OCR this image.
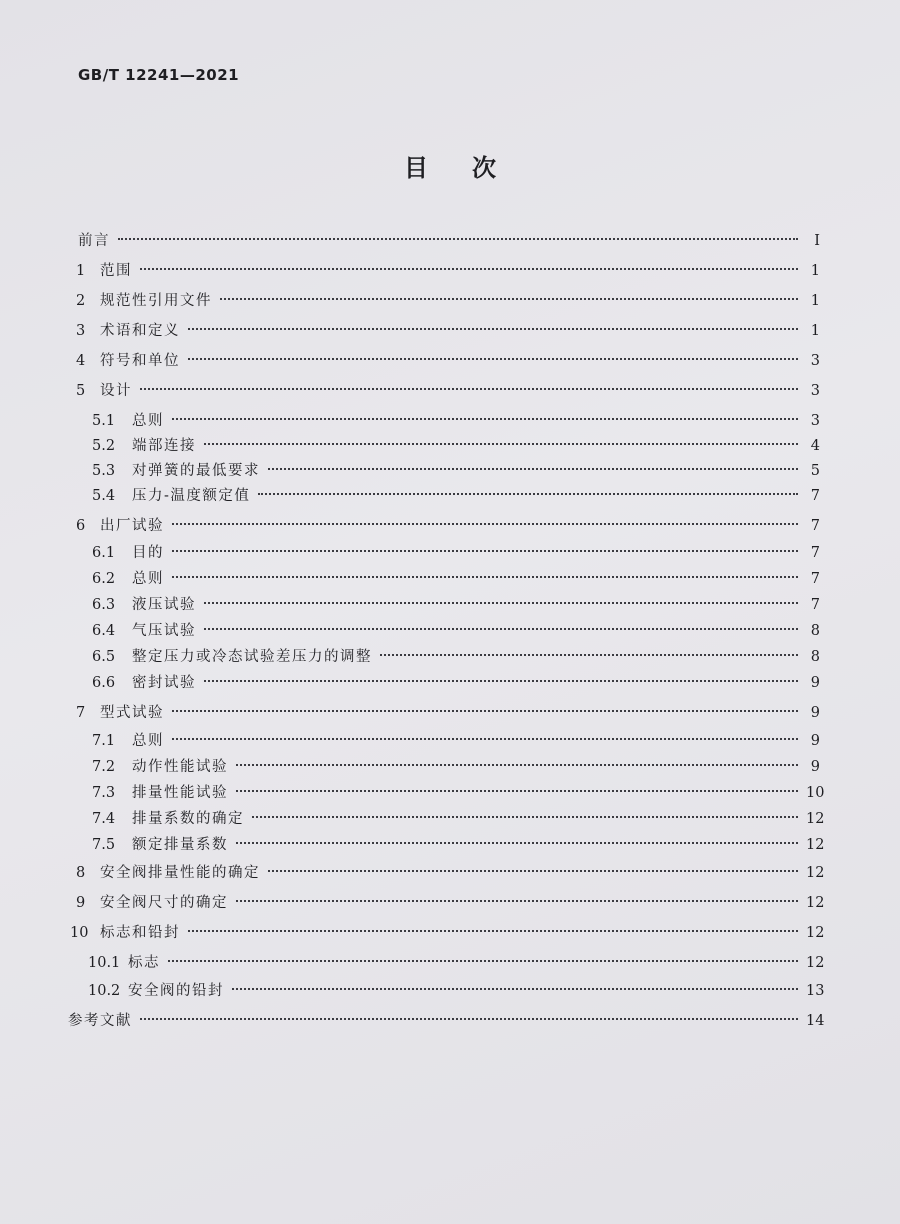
GB/T 12241—2021
目次
前言	I
1	范围	1
2	规范性引用文件	1
3	术语和定义	1
4	符号和单位	3
5	设计	3
5.1	总则	3
5.2	端部连接	4
5.3	对弹簧的最低要求	5
5.4	压力-温度额定值	7
6	出厂试验	7
6.1	目的	7
6.2	总则	7
6.3	液压试验	7
6.4	气压试验	8
6.5	整定压力或冷态试验差压力的调整	8
6.6	密封试验	9
7	型式试验	9
7.1	总则	9
7.2	动作性能试验	9
7.3	排量性能试验	10
7.4	排量系数的确定	12
7.5	额定排量系数	12
8	安全阀排量性能的确定	12
9	安全阀尺寸的确定	12
10 标志和铅封	12
10.1 标志	12
10.2 安全阀的铅封	13
参考文献	14
